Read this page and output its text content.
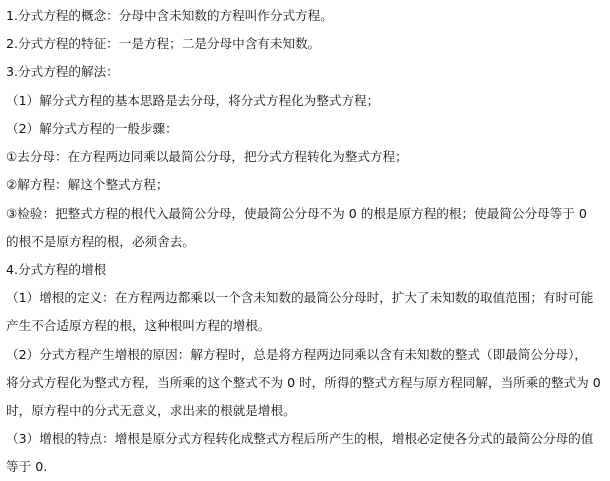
1.分式方程的概念：分母中含未知数的方程叫作分式方程。
2.分式方程的特征：一是方程；二是分母中含有未知数。
3.分式方程的解法：
（1）解分式方程的基本思路是去分母，将分式方程化为整式方程；
（2）解分式方程的一般步骤：
①去分母：在方程两边同乘以最简公分母，把分式方程转化为整式方程；
②解方程：解这个整式方程；
③检验：把整式方程的根代入最简公分母，使最简公分母不为 0 的根是原方程的根；使最简公分母等于 0
的根不是原方程的根，必须舍去。
4.分式方程的增根
（1）增根的定义：在方程两边都乘以一个含未知数的最简公分母时，扩大了未知数的取值范围；有时可能
产生不合适原方程的根，这种根叫方程的增根。
（2）分式方程产生增根的原因：解方程时，总是将方程两边同乘以含有未知数的整式（即最简公分母），
将分式方程化为整式方程，当所乘的这个整式不为 0 时，所得的整式方程与原方程同解，当所乘的整式为 0
时，原方程中的分式无意义，求出来的根就是增根。
（3）增根的特点：增根是原分式方程转化成整式方程后所产生的根，增根必定使各分式的最简公分母的值
等于 0.
